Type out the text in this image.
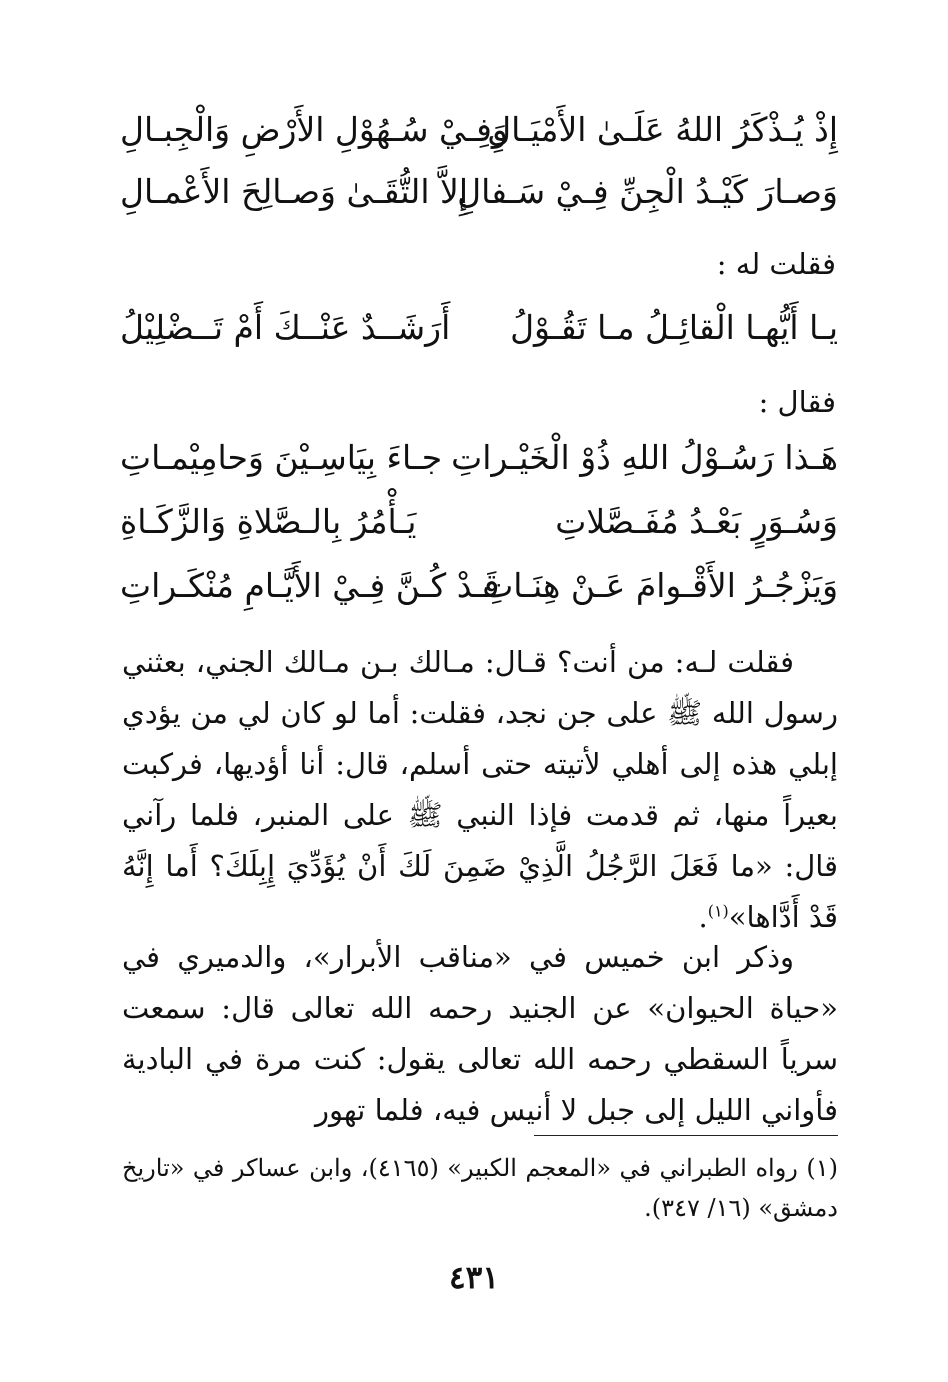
إِذْ يُـذْكَرُ اللهُ عَلَـىٰ الأَمْيَـالِ
وَفِـيْ سُـهُوْلِ الأَرْضِ وَالْجِبـالِ
وَصـارَ كَيْـدُ الْجِنِّ فِـيْ سَـفالِ
إِلاَّ التُّقَـىٰ وَصـالِحَ الأَعْمـالِ
فقلت له :
يـا أَيُّهـا الْقائِـلُ مـا تَقُـوْلُ
أَرَشَــدٌ عَنْــكَ أَمْ تَــضْلِيْلُ
فقال :
هَـذا رَسُـوْلُ اللهِ ذُوْ الْخَيْـراتِ
جـاءَ بِيَاسِـيْنَ وَحامِيْمـاتِ
وَسُـوَرٍ بَعْـدُ مُفَـصَّلاتِ
يَـأْمُرُ بِالـصَّلاةِ وَالزَّكَـاةِ
وَيَزْجُـرُ الأَقْـوامَ عَـنْ هِنَـاتِ
قَـدْ كُـنَّ فِـيْ الأَيَّـامِ مُنْكَـراتِ

فقلت لـه: من أنت؟ قـال: مـالك بـن مـالك الجني، بعثني رسول الله ﷺ على جن نجد، فقلت: أما لو كان لي من يؤدي إبلي هذه إلى أهلي لأتيته حتى أسلم، قال: أنا أؤديها، فركبت بعيراً منها، ثم قدمت فإذا النبي ﷺ على المنبر، فلما رآني قال: «ما فَعَلَ الرَّجُلُ الَّذِيْ ضَمِنَ لَكَ أَنْ يُؤَدِّيَ إِبِلَكَ؟ أَما إِنَّهُ قَدْ أَدَّاها»$^{(١)}$.

وذكر ابن خميس في «مناقب الأبرار»، والدميري في «حياة الحيوان» عن الجنيد رحمه الله تعالى قال: سمعت سرياً السقطي رحمه الله تعالى يقول: كنت مرة في البادية فأواني الليل إلى جبل لا أنيس فيه، فلما تهور

(١) رواه الطبراني في «المعجم الكبير» (٤١٦٥)، وابن عساكر في «تاريخ دمشق» (١٦/ ٣٤٧).
٤٣١
